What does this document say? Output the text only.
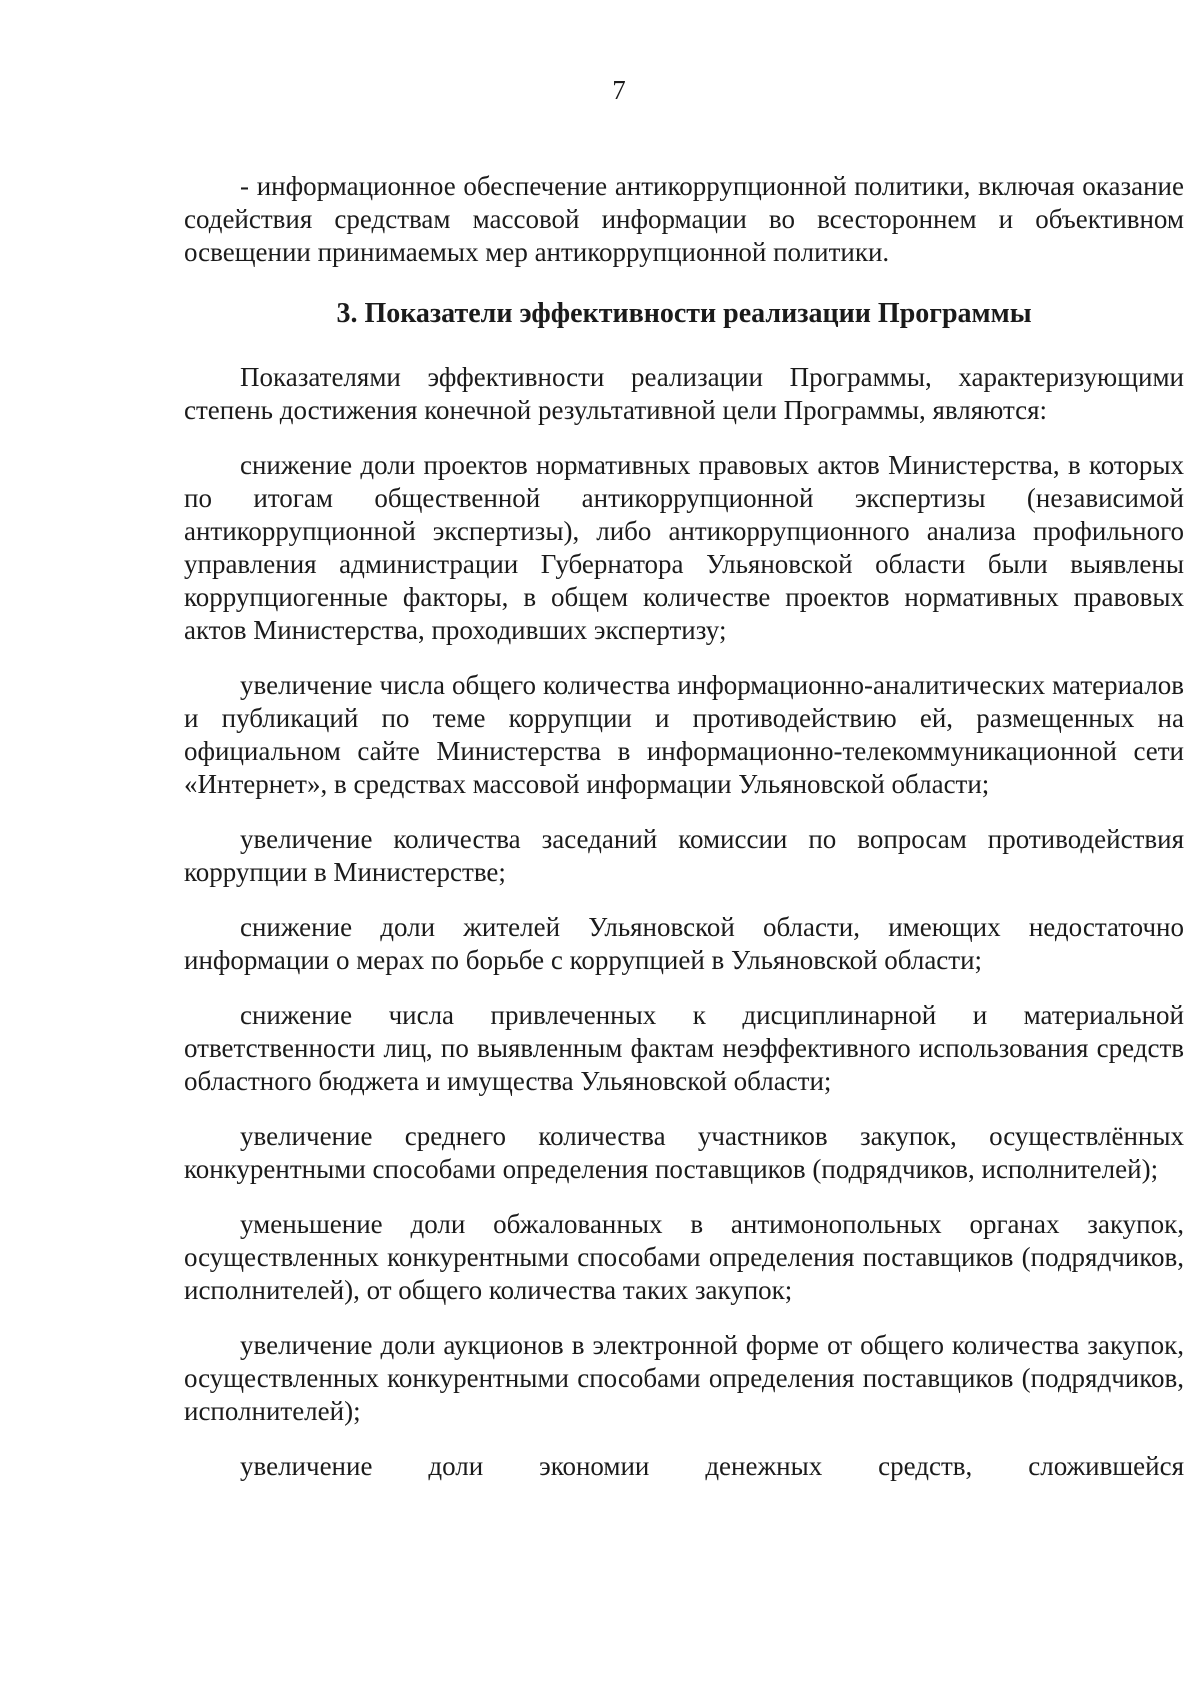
7

- информационное обеспечение антикоррупционной политики, включая оказание содействия средствам массовой информации во всестороннем и объективном освещении принимаемых мер антикоррупционной политики.

3. Показатели эффективности реализации Программы

Показателями эффективности реализации Программы, характеризующими степень достижения конечной результативной цели Программы, являются:

снижение доли проектов нормативных правовых актов Министерства, в которых по итогам общественной антикоррупционной экспертизы (независимой антикоррупционной экспертизы), либо антикоррупционного анализа профильного управления администрации Губернатора Ульяновской области были выявлены коррупциогенные факторы, в общем количестве проектов нормативных правовых актов Министерства, проходивших экспертизу;

увеличение числа общего количества информационно-аналитических материалов и публикаций по теме коррупции и противодействию ей, размещенных на официальном сайте Министерства в информационно-телекоммуникационной сети «Интернет», в средствах массовой информации Ульяновской области;

увеличение количества заседаний комиссии по вопросам противодействия коррупции в Министерстве;

снижение доли жителей Ульяновской области, имеющих недостаточно информации о мерах по борьбе с коррупцией в Ульяновской области;

снижение числа привлеченных к дисциплинарной и материальной ответственности лиц, по выявленным фактам неэффективного использования средств областного бюджета и имущества Ульяновской области;

увеличение среднего количества участников закупок, осуществлённых конкурентными способами определения поставщиков (подрядчиков, исполнителей);

уменьшение доли обжалованных в антимонопольных органах закупок, осуществленных конкурентными способами определения поставщиков (подрядчиков, исполнителей), от общего количества таких закупок;

увеличение доли аукционов в электронной форме от общего количества закупок, осуществленных конкурентными способами определения поставщиков (подрядчиков, исполнителей);

увеличение доли экономии денежных средств, сложившейся
